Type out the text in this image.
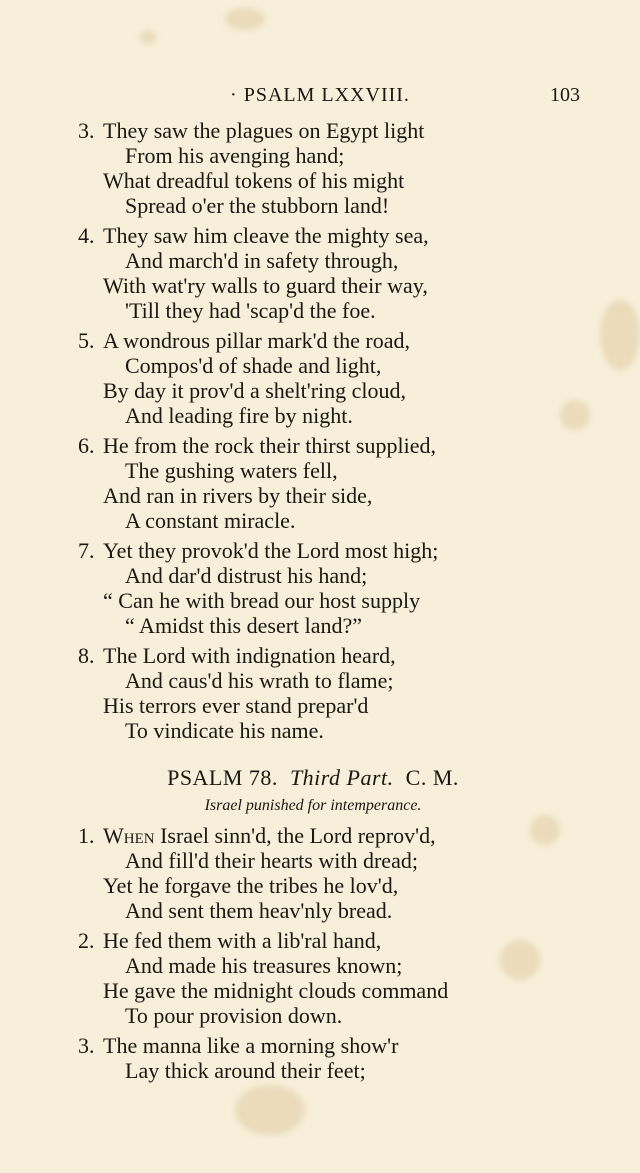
· PSALM LXXVIII.	103
3. They saw the plagues on Egypt light
From his avenging hand;
What dreadful tokens of his might
Spread o'er the stubborn land!
4. They saw him cleave the mighty sea,
And march'd in safety through,
With wat'ry walls to guard their way,
'Till they had 'scap'd the foe.
5. A wondrous pillar mark'd the road,
Compos'd of shade and light,
By day it prov'd a shelt'ring cloud,
And leading fire by night.
6. He from the rock their thirst supplied,
The gushing waters fell,
And ran in rivers by their side,
A constant miracle.
7. Yet they provok'd the Lord most high;
And dar'd distrust his hand;
“ Can he with bread our host supply
“ Amidst this desert land?”
8. The Lord with indignation heard,
And caus'd his wrath to flame;
His terrors ever stand prepar'd
To vindicate his name.
PSALM 78. Third Part. C. M.
Israel punished for intemperance.
1. When Israel sinn'd, the Lord reprov'd,
And fill'd their hearts with dread;
Yet he forgave the tribes he lov'd,
And sent them heav'nly bread.
2. He fed them with a lib'ral hand,
And made his treasures known;
He gave the midnight clouds command
To pour provision down.
3. The manna like a morning show'r
Lay thick around their feet;
